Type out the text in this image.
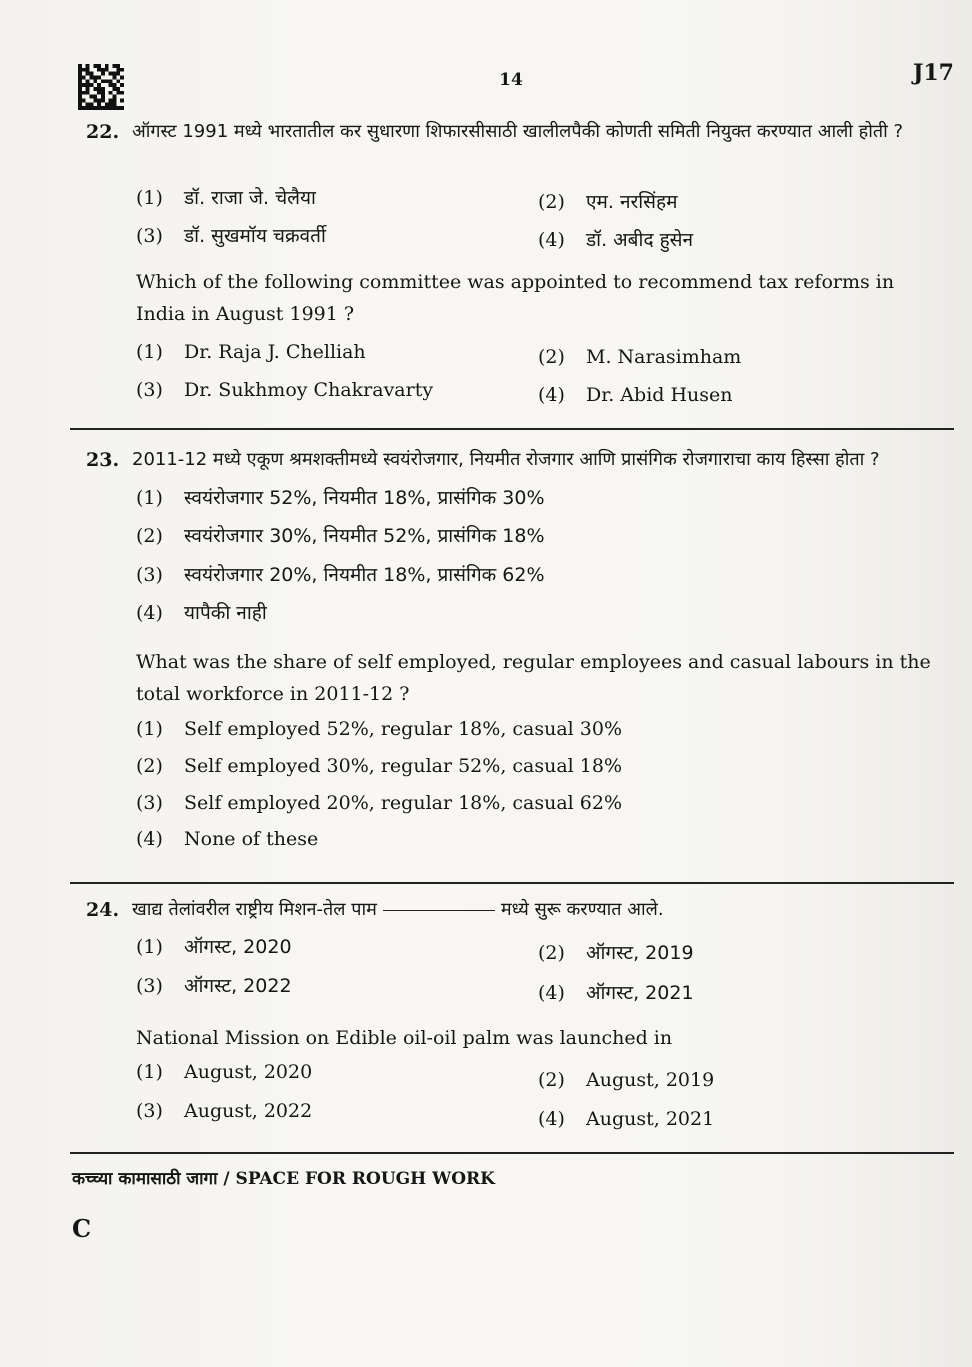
14	J17
22. ऑगस्ट 1991 मध्ये भारतातील कर सुधारणा शिफारसीसाठी खालीलपैकी कोणती समिती नियुक्त करण्यात आली होती ?
(1) डॉ. राजा जे. चेलैया	(2) एम. नरसिंहम
(3) डॉ. सुखमॉय चक्रवर्ती	(4) डॉ. अबीद हुसेन
Which of the following committee was appointed to recommend tax reforms in India in August 1991 ?
(1) Dr. Raja J. Chelliah	(2) M. Narasimham
(3) Dr. Sukhmoy Chakravarty	(4) Dr. Abid Husen
23. 2011-12 मध्ये एकूण श्रमशक्तीमध्ये स्वयंरोजगार, नियमीत रोजगार आणि प्रासंगिक रोजगाराचा काय हिस्सा होता ?
(1) स्वयंरोजगार 52%, नियमीत 18%, प्रासंगिक 30%
(2) स्वयंरोजगार 30%, नियमीत 52%, प्रासंगिक 18%
(3) स्वयंरोजगार 20%, नियमीत 18%, प्रासंगिक 62%
(4) यापैकी नाही
What was the share of self employed, regular employees and casual labours in the total workforce in 2011-12 ?
(1) Self employed 52%, regular 18%, casual 30%
(2) Self employed 30%, regular 52%, casual 18%
(3) Self employed 20%, regular 18%, casual 62%
(4) None of these
24. खाद्य तेलांवरील राष्ट्रीय मिशन-तेल पाम	मध्ये सुरू करण्यात आले.
(1) ऑगस्ट, 2020	(2) ऑगस्ट, 2019
(3) ऑगस्ट, 2022	(4) ऑगस्ट, 2021
National Mission on Edible oil-oil palm was launched in
(1) August, 2020	(2) August, 2019
(3) August, 2022	(4) August, 2021
कच्च्या कामासाठी जागा / SPACE FOR ROUGH WORK
C
